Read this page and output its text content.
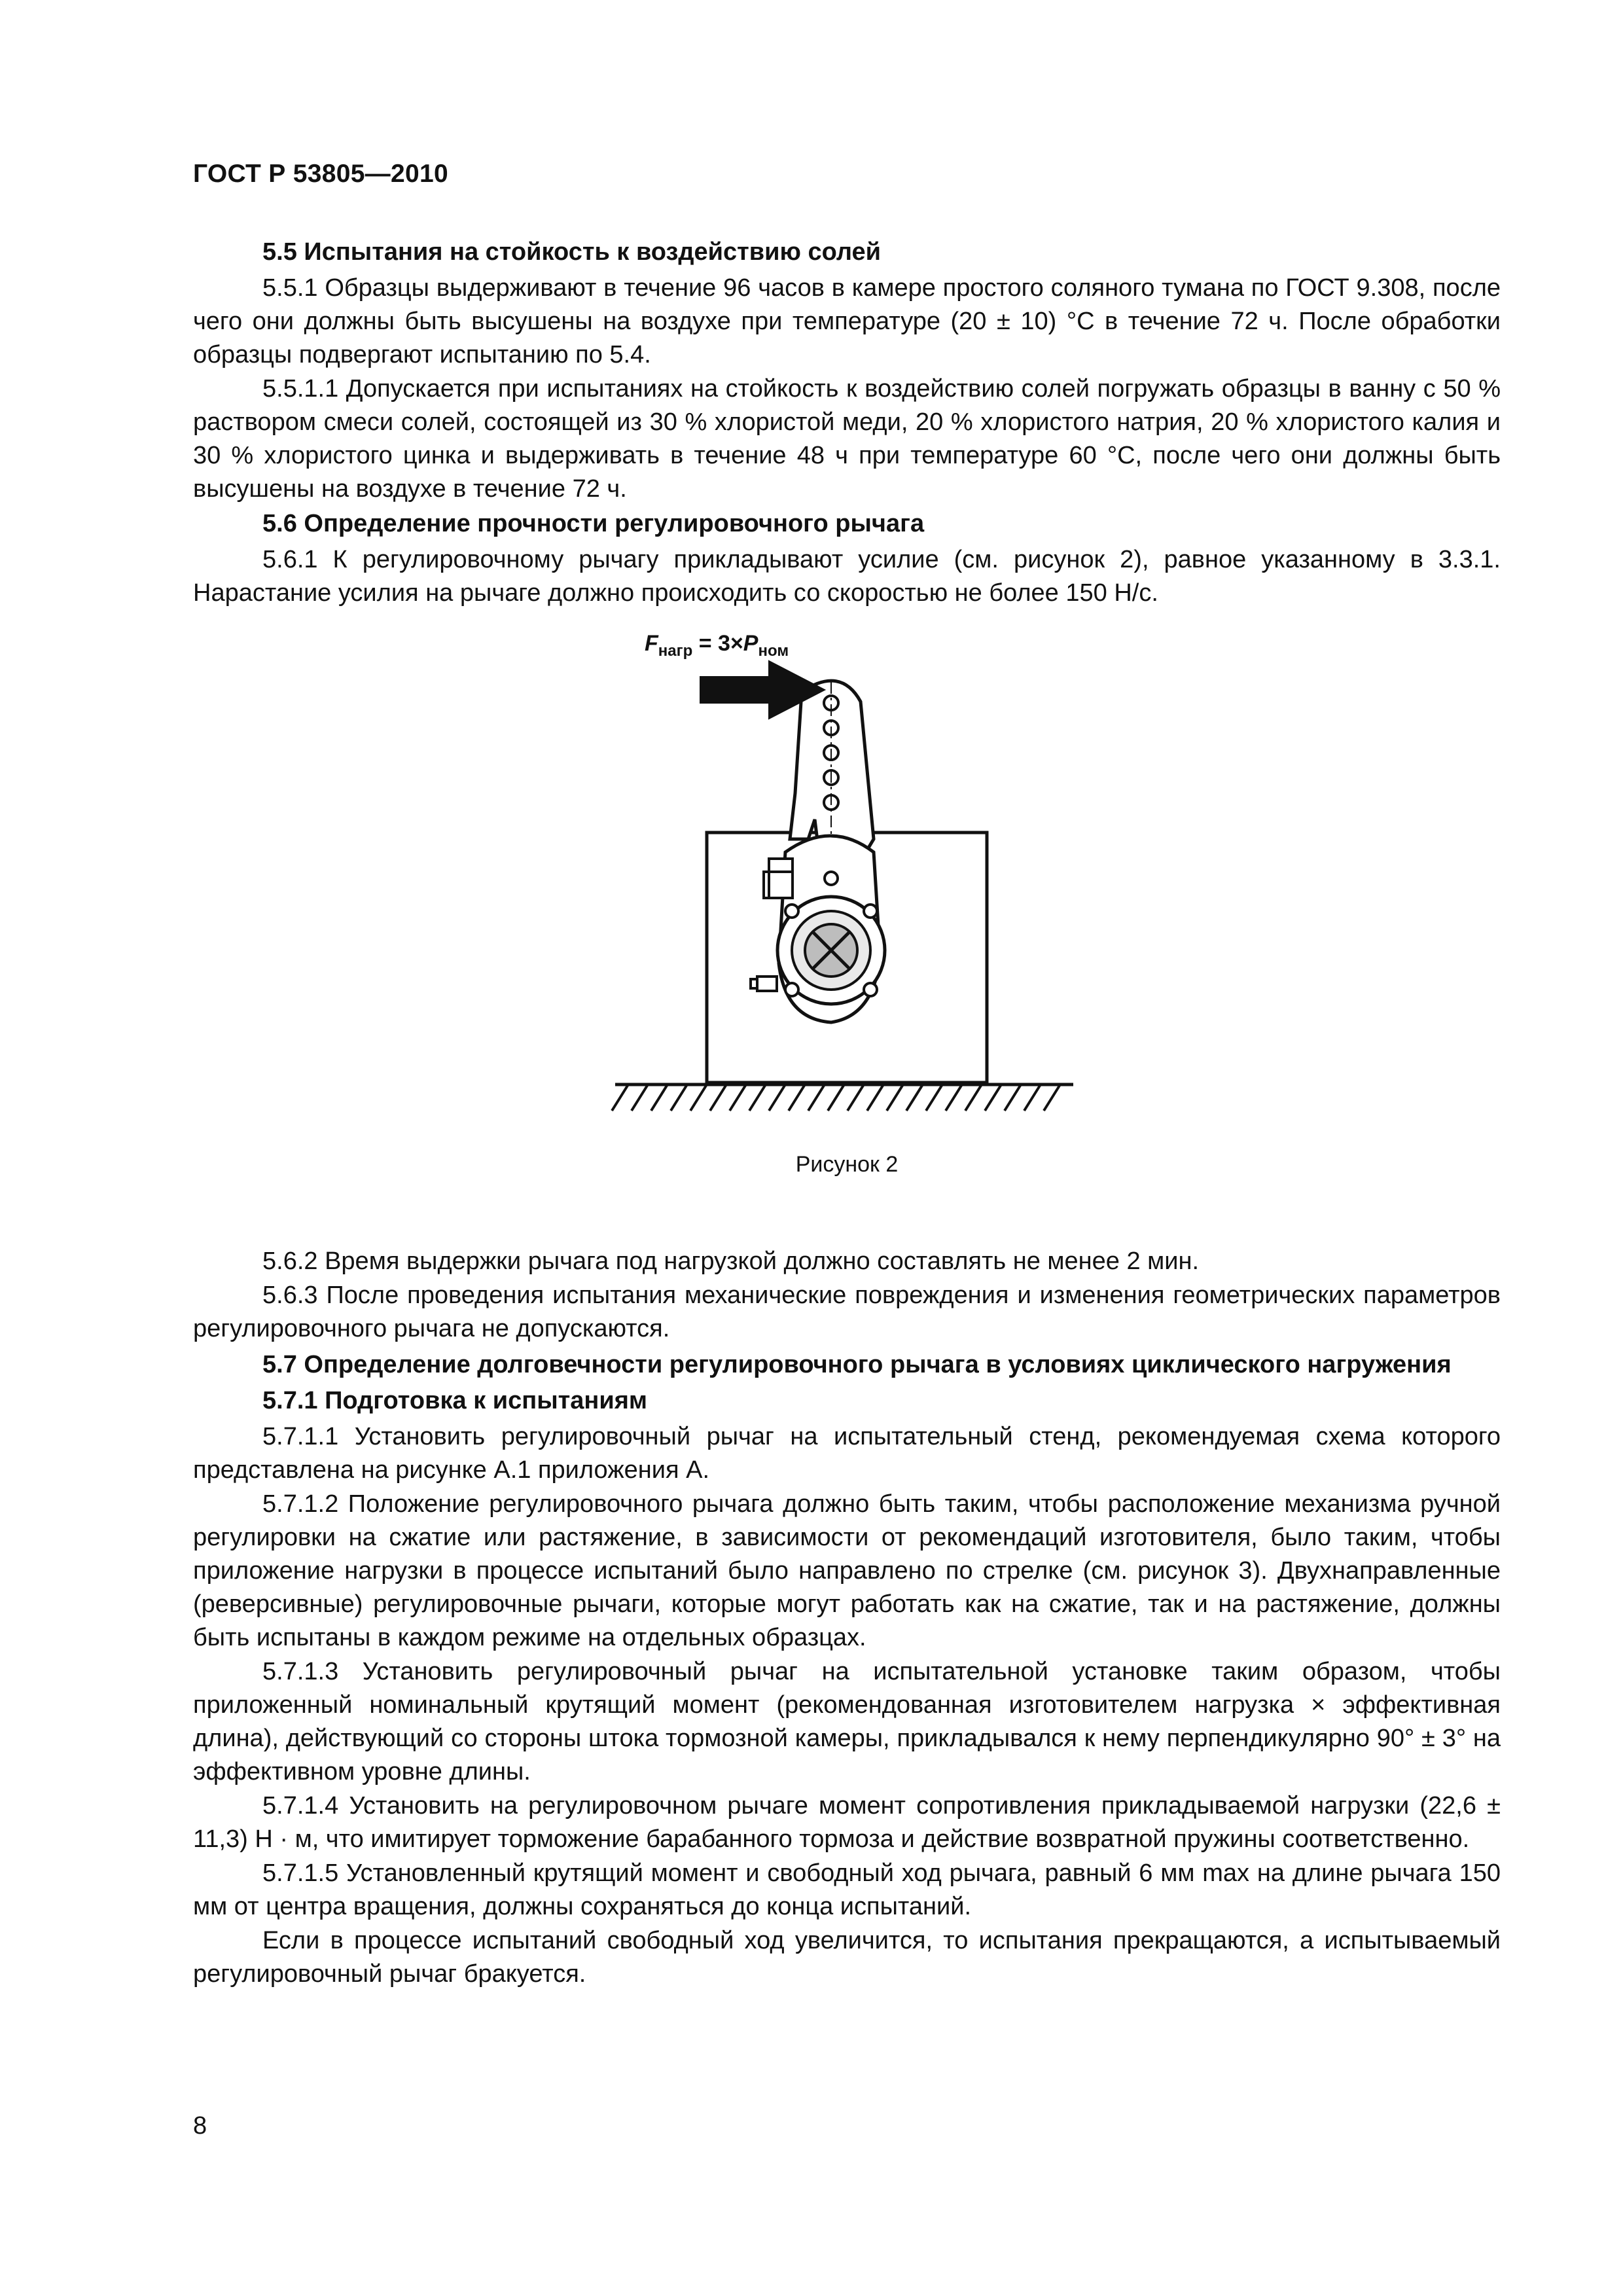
ГОСТ Р 53805—2010
5.5 Испытания на стойкость к воздействию солей
5.5.1 Образцы выдерживают в течение 96 часов в камере простого соляного тумана по ГОСТ 9.308, после чего они должны быть высушены на воздухе при температуре (20 ± 10) °С в течение 72 ч. После обработки образцы подвергают испытанию по 5.4.
5.5.1.1 Допускается при испытаниях на стойкость к воздействию солей погружать образцы в ванну с 50 % раствором смеси солей, состоящей из 30 % хлористой меди, 20 % хлористого натрия, 20 % хлористого калия и 30 % хлористого цинка и выдерживать в течение 48 ч при температуре 60 °С, после чего они должны быть высушены на воздухе в течение 72 ч.
5.6 Определение прочности регулировочного рычага
5.6.1 К регулировочному рычагу прикладывают усилие (см. рисунок 2), равное указанному в 3.3.1. Нарастание усилия на рычаге должно происходить со скоростью не более 150 Н/с.
$F_{нагр} = 3\times P_{ном}$
Рисунок 2
5.6.2 Время выдержки рычага под нагрузкой должно составлять не менее 2 мин.
5.6.3 После проведения испытания механические повреждения и изменения геометрических параметров регулировочного рычага не допускаются.
5.7 Определение долговечности регулировочного рычага в условиях циклического нагружения
5.7.1 Подготовка к испытаниям
5.7.1.1 Установить регулировочный рычаг на испытательный стенд, рекомендуемая схема которого представлена на рисунке А.1 приложения А.
5.7.1.2 Положение регулировочного рычага должно быть таким, чтобы расположение механизма ручной регулировки на сжатие или растяжение, в зависимости от рекомендаций изготовителя, было таким, чтобы приложение нагрузки в процессе испытаний было направлено по стрелке (см. рисунок 3). Двухнаправленные (реверсивные) регулировочные рычаги, которые могут работать как на сжатие, так и на растяжение, должны быть испытаны в каждом режиме на отдельных образцах.
5.7.1.3 Установить регулировочный рычаг на испытательной установке таким образом, чтобы приложенный номинальный крутящий момент (рекомендованная изготовителем нагрузка × эффективная длина), действующий со стороны штока тормозной камеры, прикладывался к нему перпендикулярно 90° ± 3° на эффективном уровне длины.
5.7.1.4 Установить на регулировочном рычаге момент сопротивления прикладываемой нагрузки (22,6 ± 11,3) Н · м, что имитирует торможение барабанного тормоза и действие возвратной пружины соответственно.
5.7.1.5 Установленный крутящий момент и свободный ход рычага, равный 6 мм max на длине рычага 150 мм от центра вращения, должны сохраняться до конца испытаний.
Если в процессе испытаний свободный ход увеличится, то испытания прекращаются, а испытываемый регулировочный рычаг бракуется.
8
